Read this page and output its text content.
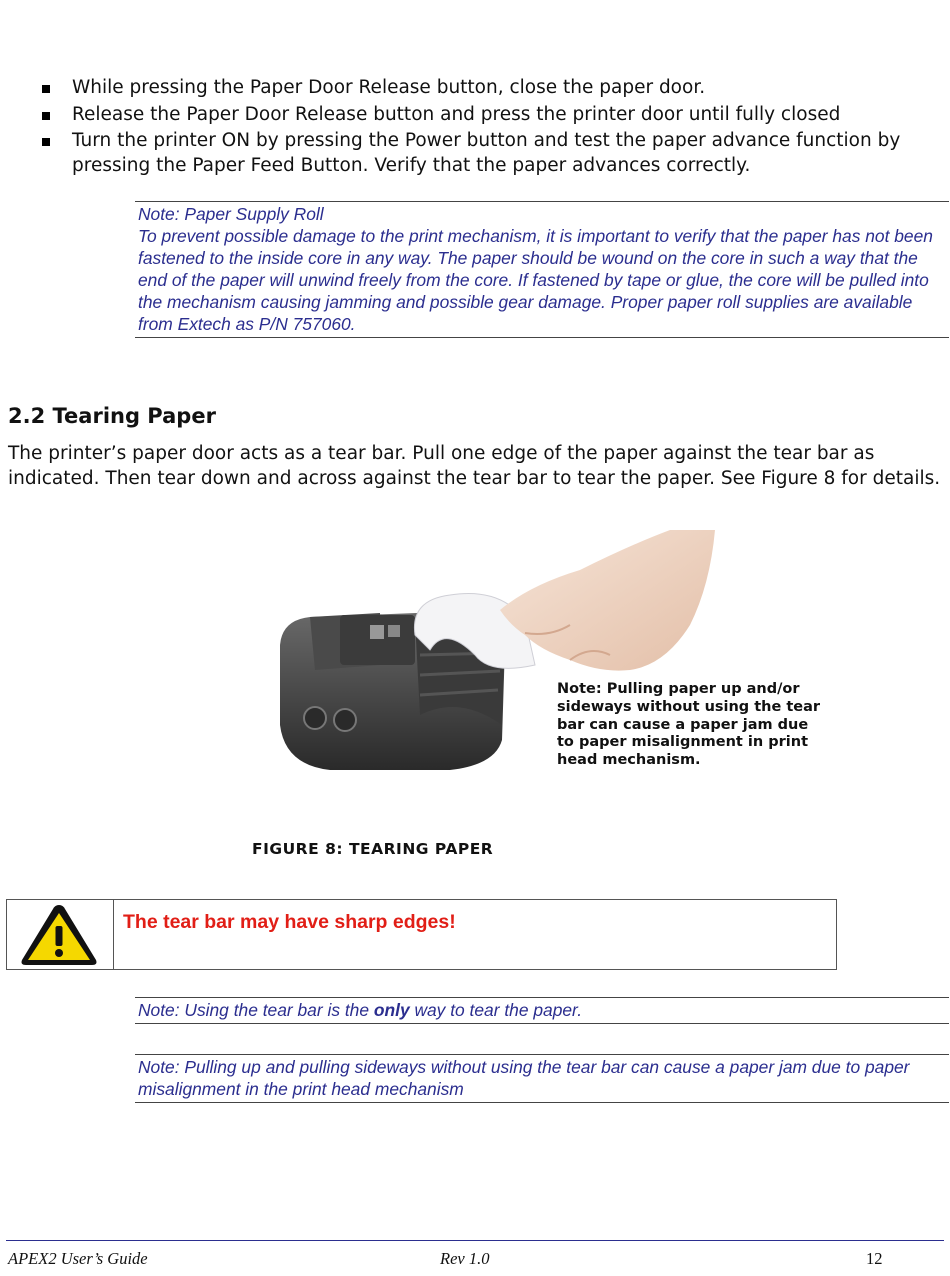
While pressing the Paper Door Release button, close the paper door.
Release the Paper Door Release button and press the printer door until fully closed
Turn the printer ON by pressing the Power button and test the paper advance function by pressing the Paper Feed Button. Verify that the paper advances correctly.

Note: Paper Supply Roll

To prevent possible damage to the print mechanism, it is important to verify that the paper has not been fastened to the inside core in any way. The paper should be wound on the core in such a way that the end of the paper will unwind freely from the core. If fastened by tape or glue, the core will be pulled into the mechanism causing jamming and possible gear damage. Proper paper roll supplies are available from Extech as P/N 757060.

2.2 Tearing Paper

The printer’s paper door acts as a tear bar. Pull one edge of the paper against the tear bar as indicated. Then tear down and across against the tear bar to tear the paper. See Figure 8 for details.

Note: Pulling paper up and/or sideways without using the tear bar can cause a paper jam due to paper misalignment in print head mechanism.

FIGURE 8: TEARING PAPER

The tear bar may have sharp edges!

Note: Using the tear bar is the only way to tear the paper.

Note: Pulling up and pulling sideways without using the tear bar can cause a paper jam due to paper misalignment in the print head mechanism

APEX2 User’s Guide	Rev 1.0	12
